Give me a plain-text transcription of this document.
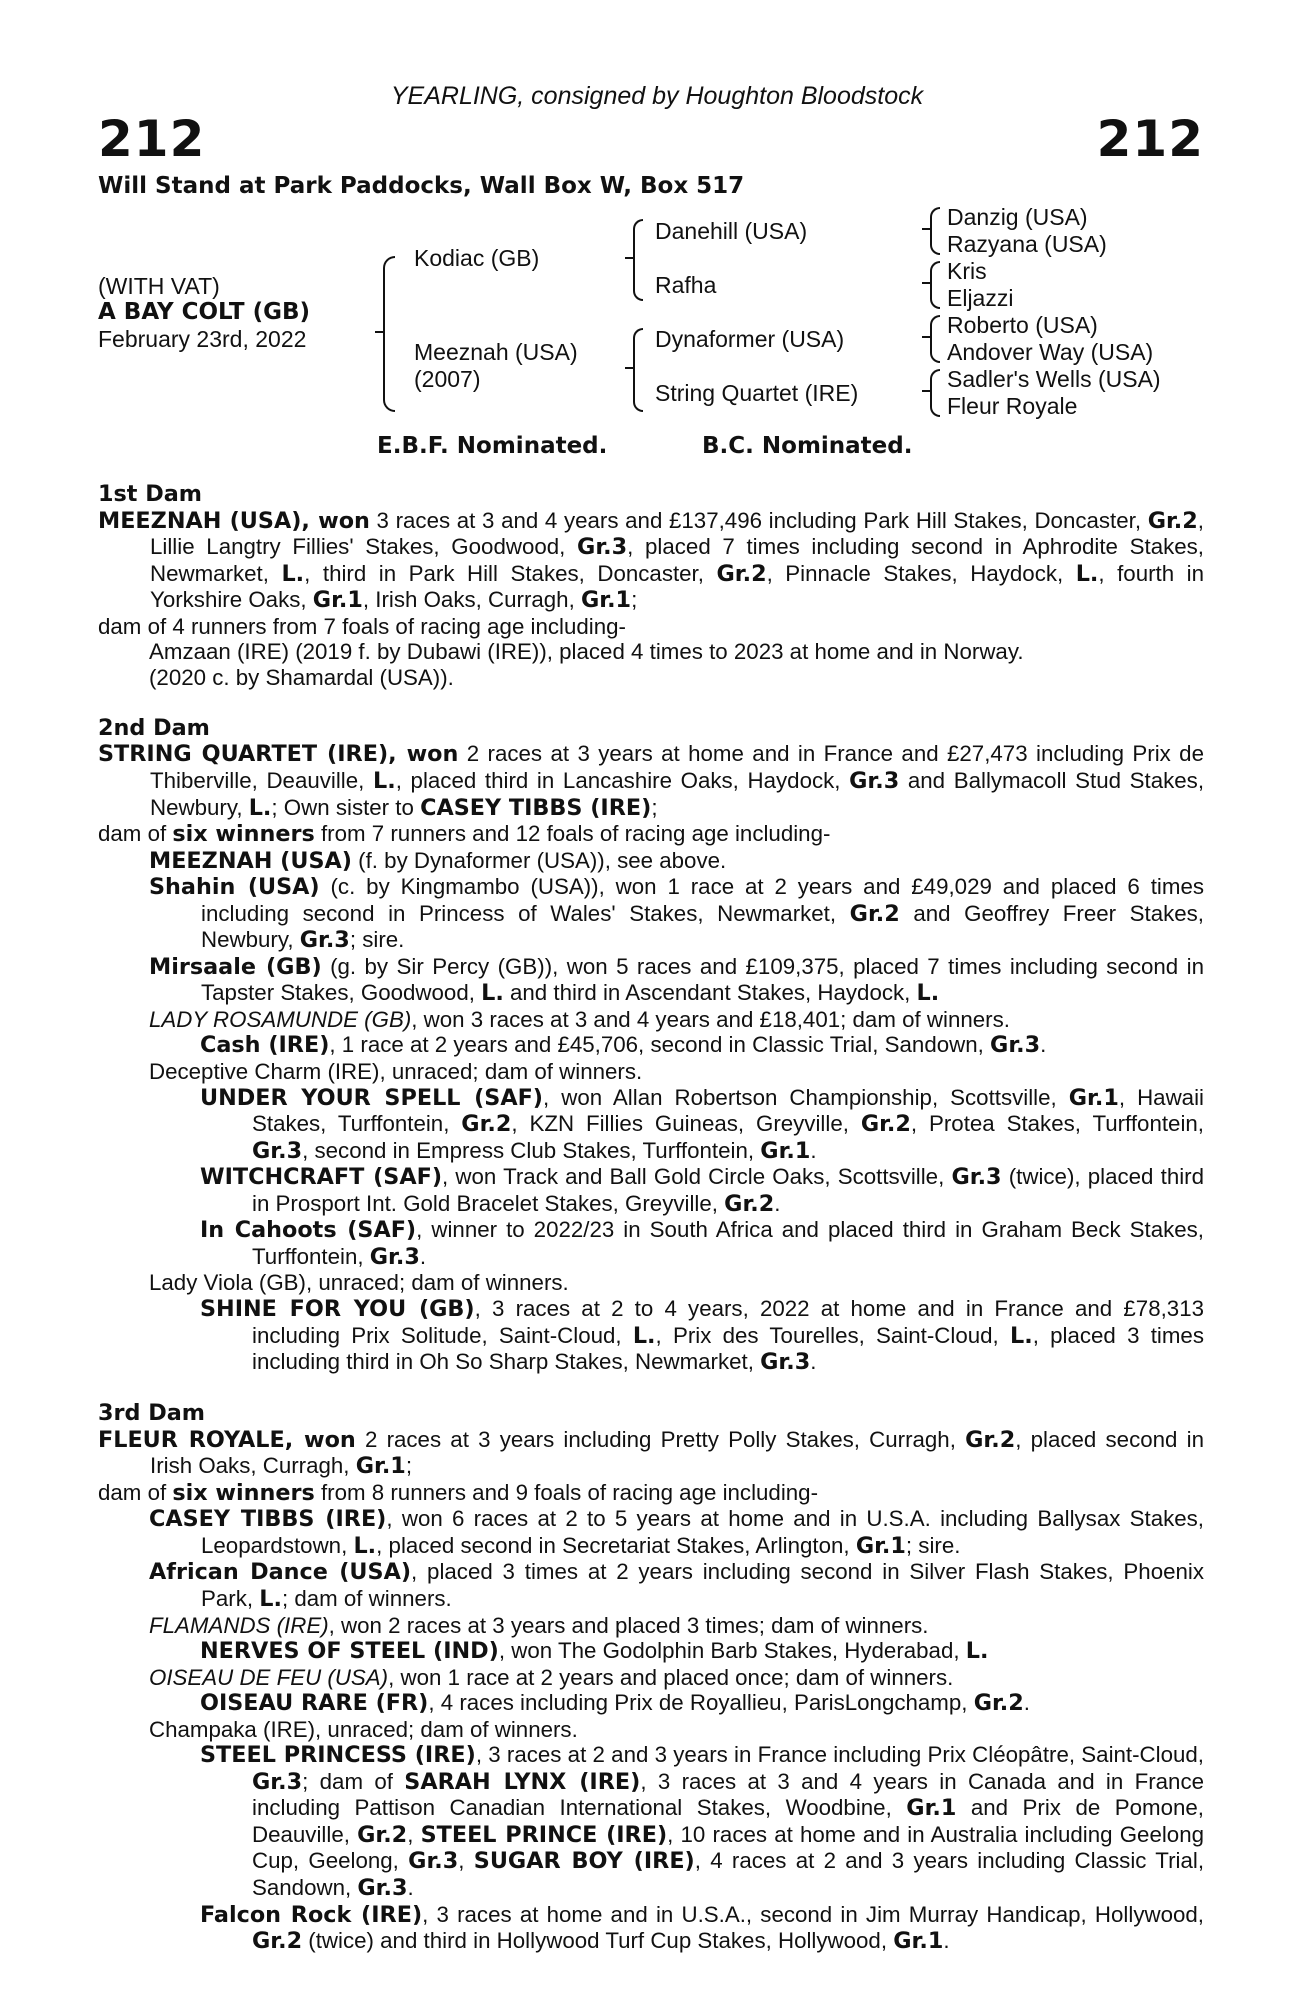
YEARLING, consigned by Houghton Bloodstock
212	212
Will Stand at Park Paddocks, Wall Box W, Box 517
(WITH VAT)
A BAY COLT (GB)
February 23rd, 2022
Kodiac (GB)
Meeznah (USA)
(2007)
Danehill (USA)
Rafha
Dynaformer (USA)
String Quartet (IRE)
Danzig (USA)
Razyana (USA)
Kris
Eljazzi
Roberto (USA)
Andover Way (USA)
Sadler's Wells (USA)
Fleur Royale
E.B.F. Nominated.	B.C. Nominated.
1st Dam
MEEZNAH (USA), won 3 races at 3 and 4 years and £137,496 including Park Hill Stakes, Doncaster, Gr.2, Lillie Langtry Fillies' Stakes, Goodwood, Gr.3, placed 7 times including second in Aphrodite Stakes, Newmarket, L., third in Park Hill Stakes, Doncaster, Gr.2, Pinnacle Stakes, Haydock, L., fourth in Yorkshire Oaks, Gr.1, Irish Oaks, Curragh, Gr.1;
dam of 4 runners from 7 foals of racing age including-
Amzaan (IRE) (2019 f. by Dubawi (IRE)), placed 4 times to 2023 at home and in Norway.
(2020 c. by Shamardal (USA)).
2nd Dam
STRING QUARTET (IRE), won 2 races at 3 years at home and in France and £27,473 including Prix de Thiberville, Deauville, L., placed third in Lancashire Oaks, Haydock, Gr.3 and Ballymacoll Stud Stakes, Newbury, L.; Own sister to CASEY TIBBS (IRE);
dam of six winners from 7 runners and 12 foals of racing age including-
MEEZNAH (USA) (f. by Dynaformer (USA)), see above.
Shahin (USA) (c. by Kingmambo (USA)), won 1 race at 2 years and £49,029 and placed 6 times including second in Princess of Wales' Stakes, Newmarket, Gr.2 and Geoffrey Freer Stakes, Newbury, Gr.3; sire.
Mirsaale (GB) (g. by Sir Percy (GB)), won 5 races and £109,375, placed 7 times including second in Tapster Stakes, Goodwood, L. and third in Ascendant Stakes, Haydock, L.
LADY ROSAMUNDE (GB), won 3 races at 3 and 4 years and £18,401; dam of winners.
Cash (IRE), 1 race at 2 years and £45,706, second in Classic Trial, Sandown, Gr.3.
Deceptive Charm (IRE), unraced; dam of winners.
UNDER YOUR SPELL (SAF), won Allan Robertson Championship, Scottsville, Gr.1, Hawaii Stakes, Turffontein, Gr.2, KZN Fillies Guineas, Greyville, Gr.2, Protea Stakes, Turffontein, Gr.3, second in Empress Club Stakes, Turffontein, Gr.1.
WITCHCRAFT (SAF), won Track and Ball Gold Circle Oaks, Scottsville, Gr.3 (twice), placed third in Prosport Int. Gold Bracelet Stakes, Greyville, Gr.2.
In Cahoots (SAF), winner to 2022/23 in South Africa and placed third in Graham Beck Stakes, Turffontein, Gr.3.
Lady Viola (GB), unraced; dam of winners.
SHINE FOR YOU (GB), 3 races at 2 to 4 years, 2022 at home and in France and £78,313 including Prix Solitude, Saint-Cloud, L., Prix des Tourelles, Saint-Cloud, L., placed 3 times including third in Oh So Sharp Stakes, Newmarket, Gr.3.
3rd Dam
FLEUR ROYALE, won 2 races at 3 years including Pretty Polly Stakes, Curragh, Gr.2, placed second in Irish Oaks, Curragh, Gr.1;
dam of six winners from 8 runners and 9 foals of racing age including-
CASEY TIBBS (IRE), won 6 races at 2 to 5 years at home and in U.S.A. including Ballysax Stakes, Leopardstown, L., placed second in Secretariat Stakes, Arlington, Gr.1; sire.
African Dance (USA), placed 3 times at 2 years including second in Silver Flash Stakes, Phoenix Park, L.; dam of winners.
FLAMANDS (IRE), won 2 races at 3 years and placed 3 times; dam of winners.
NERVES OF STEEL (IND), won The Godolphin Barb Stakes, Hyderabad, L.
OISEAU DE FEU (USA), won 1 race at 2 years and placed once; dam of winners.
OISEAU RARE (FR), 4 races including Prix de Royallieu, ParisLongchamp, Gr.2.
Champaka (IRE), unraced; dam of winners.
STEEL PRINCESS (IRE), 3 races at 2 and 3 years in France including Prix Cléopâtre, Saint-Cloud, Gr.3; dam of SARAH LYNX (IRE), 3 races at 3 and 4 years in Canada and in France including Pattison Canadian International Stakes, Woodbine, Gr.1 and Prix de Pomone, Deauville, Gr.2, STEEL PRINCE (IRE), 10 races at home and in Australia including Geelong Cup, Geelong, Gr.3, SUGAR BOY (IRE), 4 races at 2 and 3 years including Classic Trial, Sandown, Gr.3.
Falcon Rock (IRE), 3 races at home and in U.S.A., second in Jim Murray Handicap, Hollywood, Gr.2 (twice) and third in Hollywood Turf Cup Stakes, Hollywood, Gr.1.
